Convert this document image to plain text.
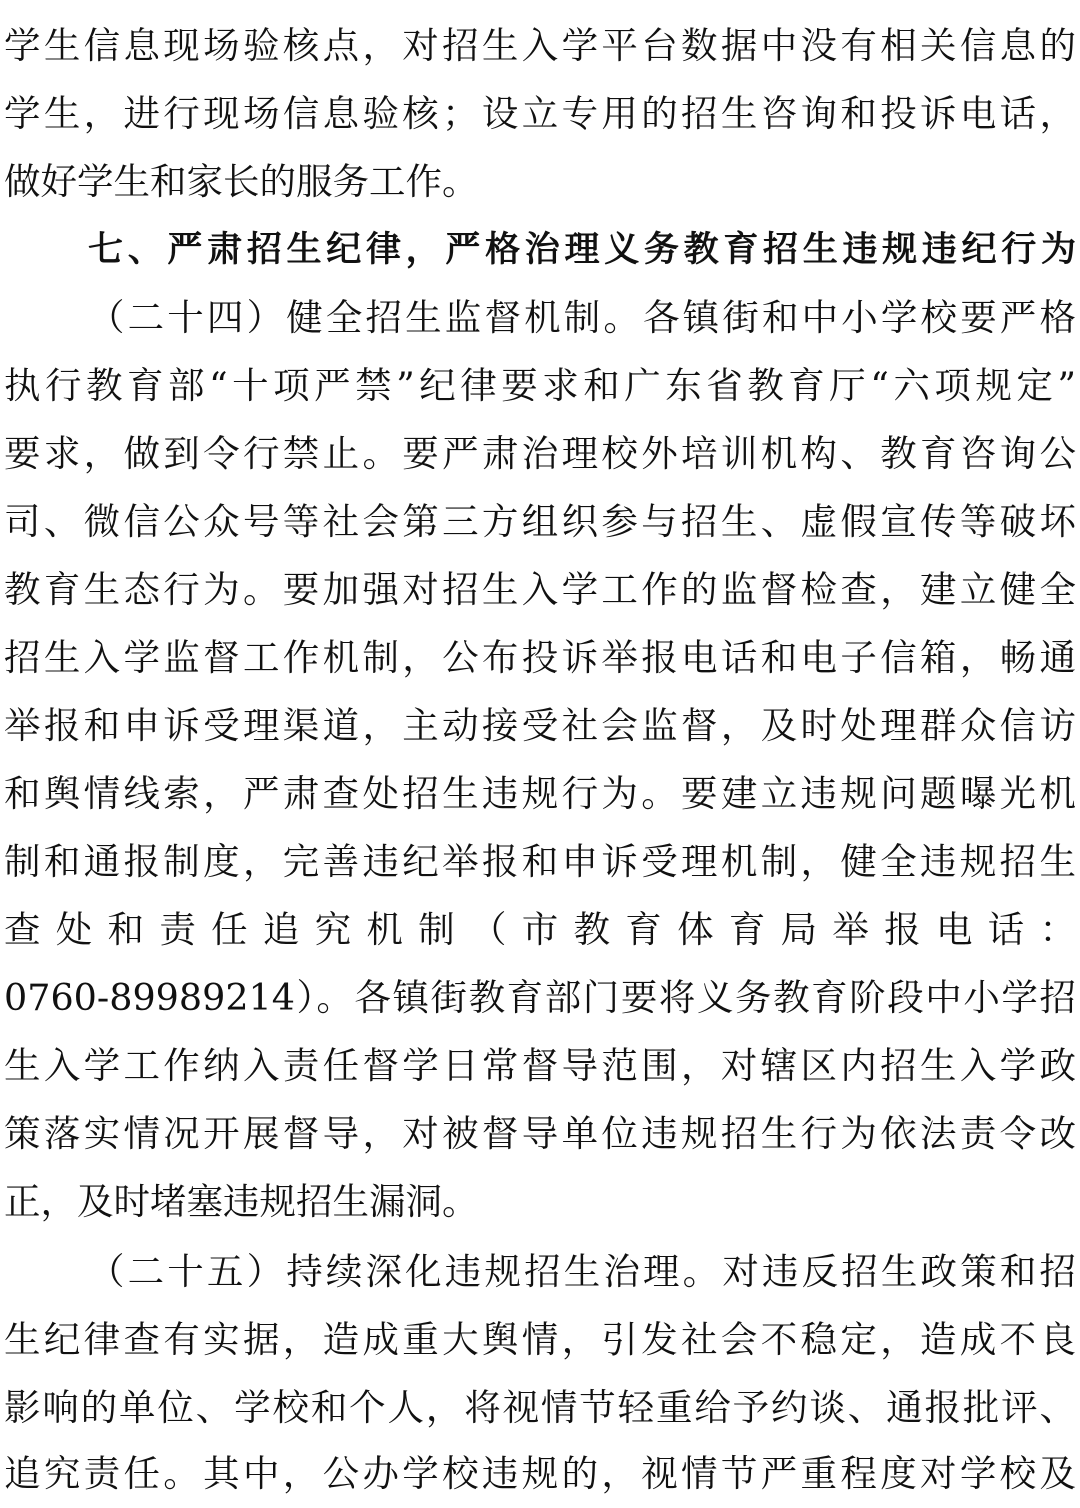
学生信息现场验核点，对招生入学平台数据中没有相关信息的
学生，进行现场信息验核；设立专用的招生咨询和投诉电话，
做好学生和家长的服务工作。
七、严肃招生纪律，严格治理义务教育招生违规违纪行为
（二十四）健全招生监督机制。各镇街和中小学校要严格
执行教育部“十项严禁”纪律要求和广东省教育厅“六项规定”
要求，做到令行禁止。要严肃治理校外培训机构、教育咨询公
司、微信公众号等社会第三方组织参与招生、虚假宣传等破坏
教育生态行为。要加强对招生入学工作的监督检查，建立健全
招生入学监督工作机制，公布投诉举报电话和电子信箱，畅通
举报和申诉受理渠道，主动接受社会监督，及时处理群众信访
和舆情线索，严肃查处招生违规行为。要建立违规问题曝光机
制和通报制度，完善违纪举报和申诉受理机制，健全违规招生
查处和责任追究机制（市教育体育局举报电话：
0760-89989214）。各镇街教育部门要将义务教育阶段中小学招
生入学工作纳入责任督学日常督导范围，对辖区内招生入学政
策落实情况开展督导，对被督导单位违规招生行为依法责令改
正，及时堵塞违规招生漏洞。
（二十五）持续深化违规招生治理。对违反招生政策和招
生纪律查有实据，造成重大舆情，引发社会不稳定，造成不良
影响的单位、学校和个人，将视情节轻重给予约谈、通报批评、
追究责任。其中，公办学校违规的，视情节严重程度对学校及
